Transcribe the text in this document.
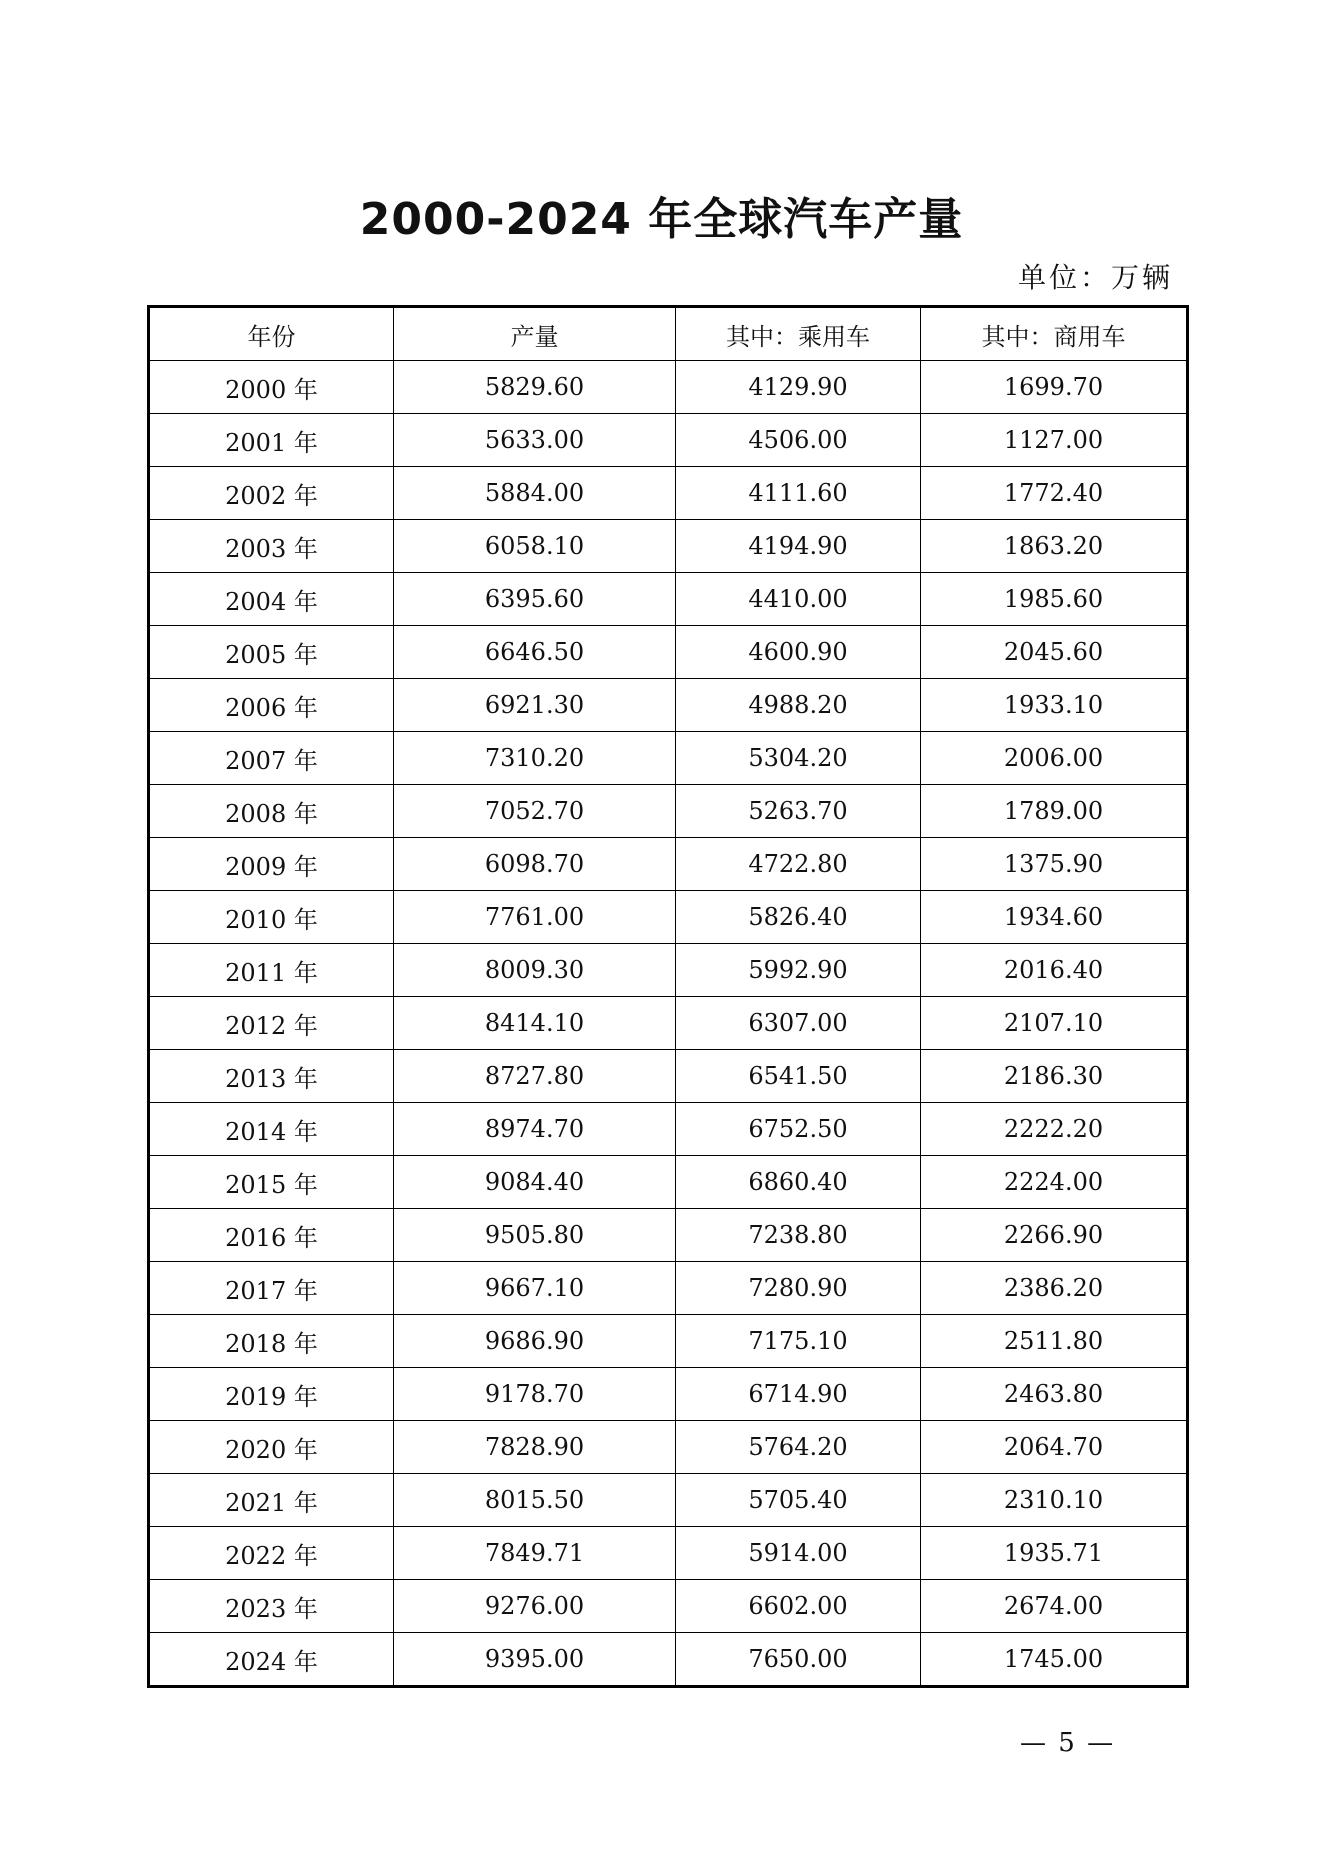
2000-2024 年全球汽车产量
单位：万辆
年份	产量	其中：乘用车	其中：商用车
2000 年	5829.60	4129.90	1699.70
2001 年	5633.00	4506.00	1127.00
2002 年	5884.00	4111.60	1772.40
2003 年	6058.10	4194.90	1863.20
2004 年	6395.60	4410.00	1985.60
2005 年	6646.50	4600.90	2045.60
2006 年	6921.30	4988.20	1933.10
2007 年	7310.20	5304.20	2006.00
2008 年	7052.70	5263.70	1789.00
2009 年	6098.70	4722.80	1375.90
2010 年	7761.00	5826.40	1934.60
2011 年	8009.30	5992.90	2016.40
2012 年	8414.10	6307.00	2107.10
2013 年	8727.80	6541.50	2186.30
2014 年	8974.70	6752.50	2222.20
2015 年	9084.40	6860.40	2224.00
2016 年	9505.80	7238.80	2266.90
2017 年	9667.10	7280.90	2386.20
2018 年	9686.90	7175.10	2511.80
2019 年	9178.70	6714.90	2463.80
2020 年	7828.90	5764.20	2064.70
2021 年	8015.50	5705.40	2310.10
2022 年	7849.71	5914.00	1935.71
2023 年	9276.00	6602.00	2674.00
2024 年	9395.00	7650.00	1745.00
— 5 —
